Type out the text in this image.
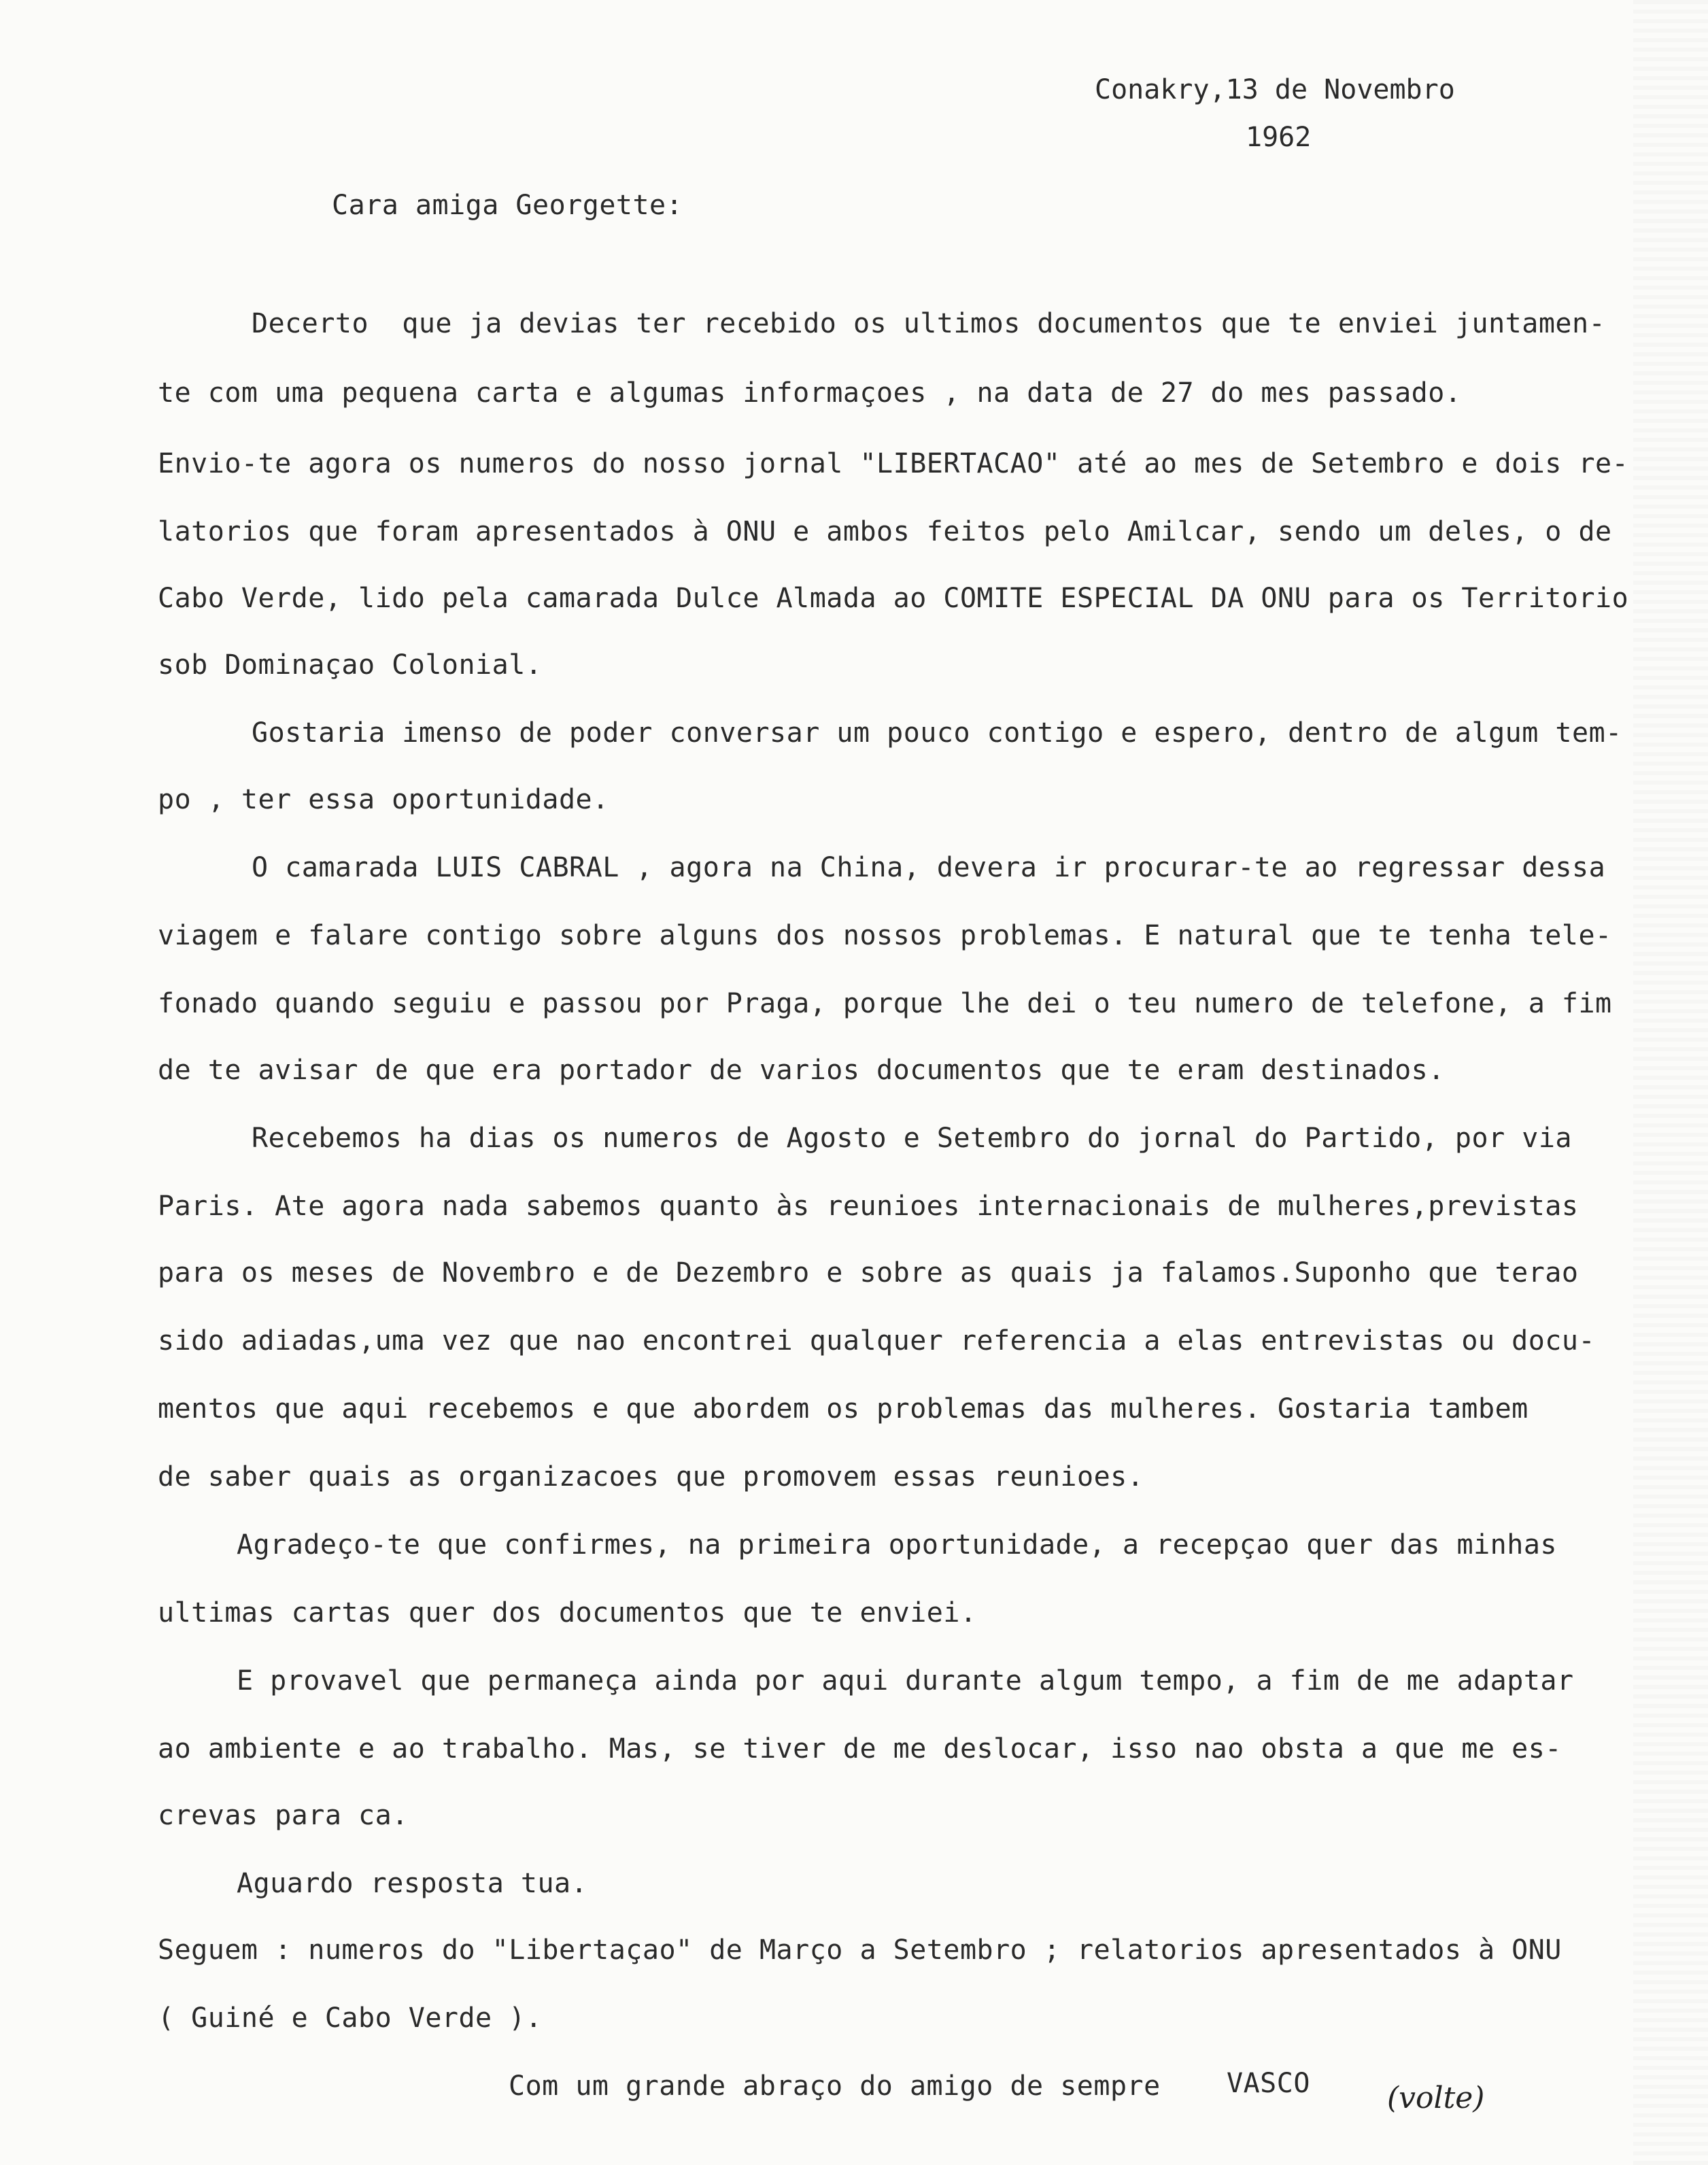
Conakry,13 de Novembro
1962
Cara amiga Georgette:
Decerto  que ja devias ter recebido os ultimos documentos que te enviei juntamen-
te com uma pequena carta e algumas informaçoes , na data de 27 do mes passado.
Envio-te agora os numeros do nosso jornal "LIBERTACAO" até ao mes de Setembro e dois re-
latorios que foram apresentados à ONU e ambos feitos pelo Amilcar, sendo um deles, o de
Cabo Verde, lido pela camarada Dulce Almada ao COMITE ESPECIAL DA ONU para os Territorio
sob Dominaçao Colonial.
Gostaria imenso de poder conversar um pouco contigo e espero, dentro de algum tem-
po , ter essa oportunidade.
O camarada LUIS CABRAL , agora na China, devera ir procurar-te ao regressar dessa
viagem e falare contigo sobre alguns dos nossos problemas. E natural que te tenha tele-
fonado quando seguiu e passou por Praga, porque lhe dei o teu numero de telefone, a fim
de te avisar de que era portador de varios documentos que te eram destinados.
Recebemos ha dias os numeros de Agosto e Setembro do jornal do Partido, por via
Paris. Ate agora nada sabemos quanto às reunioes internacionais de mulheres,previstas
para os meses de Novembro e de Dezembro e sobre as quais ja falamos.Suponho que terao
sido adiadas,uma vez que nao encontrei qualquer referencia a elas entrevistas ou docu-
mentos que aqui recebemos e que abordem os problemas das mulheres. Gostaria tambem
de saber quais as organizacoes que promovem essas reunioes.
Agradeço-te que confirmes, na primeira oportunidade, a recepçao quer das minhas
ultimas cartas quer dos documentos que te enviei.
E provavel que permaneça ainda por aqui durante algum tempo, a fim de me adaptar
ao ambiente e ao trabalho. Mas, se tiver de me deslocar, isso nao obsta a que me es-
crevas para ca.
Aguardo resposta tua.
Seguem : numeros do "Libertaçao" de Março a Setembro ; relatorios apresentados à ONU
( Guiné e Cabo Verde ).
Com um grande abraço do amigo de sempre VASCO	(volte)
